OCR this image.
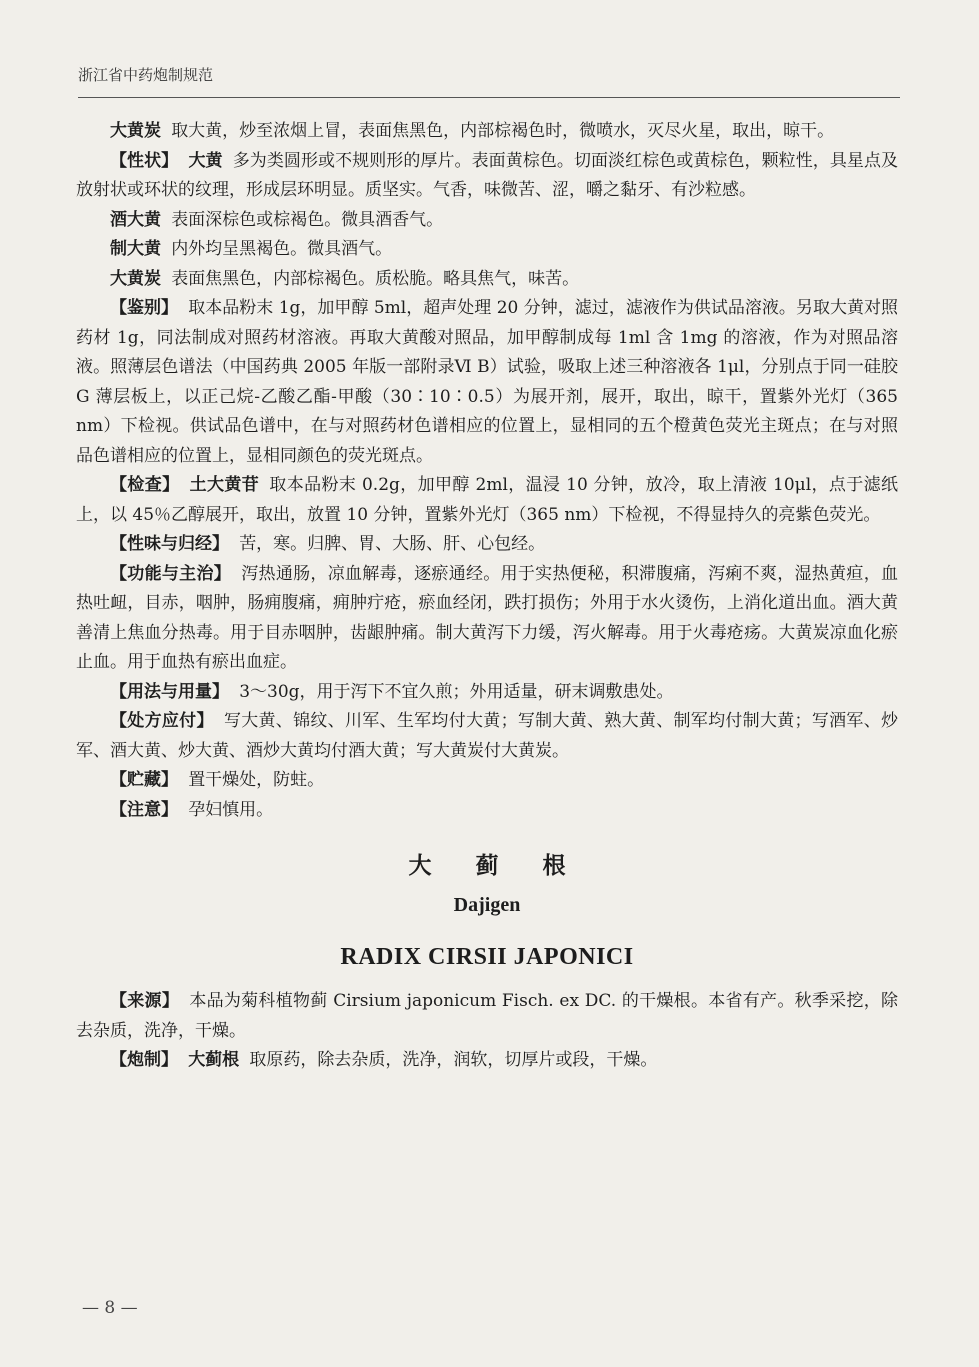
浙江省中药炮制规范

大黄炭 取大黄，炒至浓烟上冒，表面焦黑色，内部棕褐色时，微喷水，灭尽火星，取出，晾干。

【性状】 大黄 多为类圆形或不规则形的厚片。表面黄棕色。切面淡红棕色或黄棕色，颗粒性，具星点及放射状或环状的纹理，形成层环明显。质坚实。气香，味微苦、涩，嚼之黏牙、有沙粒感。

酒大黄 表面深棕色或棕褐色。微具酒香气。

制大黄 内外均呈黑褐色。微具酒气。

大黄炭 表面焦黑色，内部棕褐色。质松脆。略具焦气，味苦。

【鉴别】 取本品粉末 1g，加甲醇 5ml，超声处理 20 分钟，滤过，滤液作为供试品溶液。另取大黄对照药材 1g，同法制成对照药材溶液。再取大黄酸对照品，加甲醇制成每 1ml 含 1mg 的溶液，作为对照品溶液。照薄层色谱法（中国药典 2005 年版一部附录Ⅵ B）试验，吸取上述三种溶液各 1μl，分别点于同一硅胶 G 薄层板上，以正己烷-乙酸乙酯-甲酸（30∶10∶0.5）为展开剂，展开，取出，晾干，置紫外光灯（365 nm）下检视。供试品色谱中，在与对照药材色谱相应的位置上，显相同的五个橙黄色荧光主斑点；在与对照品色谱相应的位置上，显相同颜色的荧光斑点。

【检查】 土大黄苷 取本品粉末 0.2g，加甲醇 2ml，温浸 10 分钟，放冷，取上清液 10μl，点于滤纸上，以 45％乙醇展开，取出，放置 10 分钟，置紫外光灯（365 nm）下检视，不得显持久的亮紫色荧光。

【性味与归经】 苦，寒。归脾、胃、大肠、肝、心包经。

【功能与主治】 泻热通肠，凉血解毒，逐瘀通经。用于实热便秘，积滞腹痛，泻痢不爽，湿热黄疸，血热吐衄，目赤，咽肿，肠痈腹痛，痈肿疔疮，瘀血经闭，跌打损伤；外用于水火烫伤，上消化道出血。酒大黄善清上焦血分热毒。用于目赤咽肿，齿龈肿痛。制大黄泻下力缓，泻火解毒。用于火毒疮疡。大黄炭凉血化瘀止血。用于血热有瘀出血症。

【用法与用量】 3～30g，用于泻下不宜久煎；外用适量，研末调敷患处。

【处方应付】 写大黄、锦纹、川军、生军均付大黄；写制大黄、熟大黄、制军均付制大黄；写酒军、炒军、酒大黄、炒大黄、酒炒大黄均付酒大黄；写大黄炭付大黄炭。

【贮藏】 置干燥处，防蛀。

【注意】 孕妇慎用。

大蓟根
Dajigen
RADIX CIRSII JAPONICI

【来源】 本品为菊科植物蓟 Cirsium japonicum Fisch. ex DC. 的干燥根。本省有产。秋季采挖，除去杂质，洗净，干燥。

【炮制】 大蓟根 取原药，除去杂质，洗净，润软，切厚片或段，干燥。

— 8 —
